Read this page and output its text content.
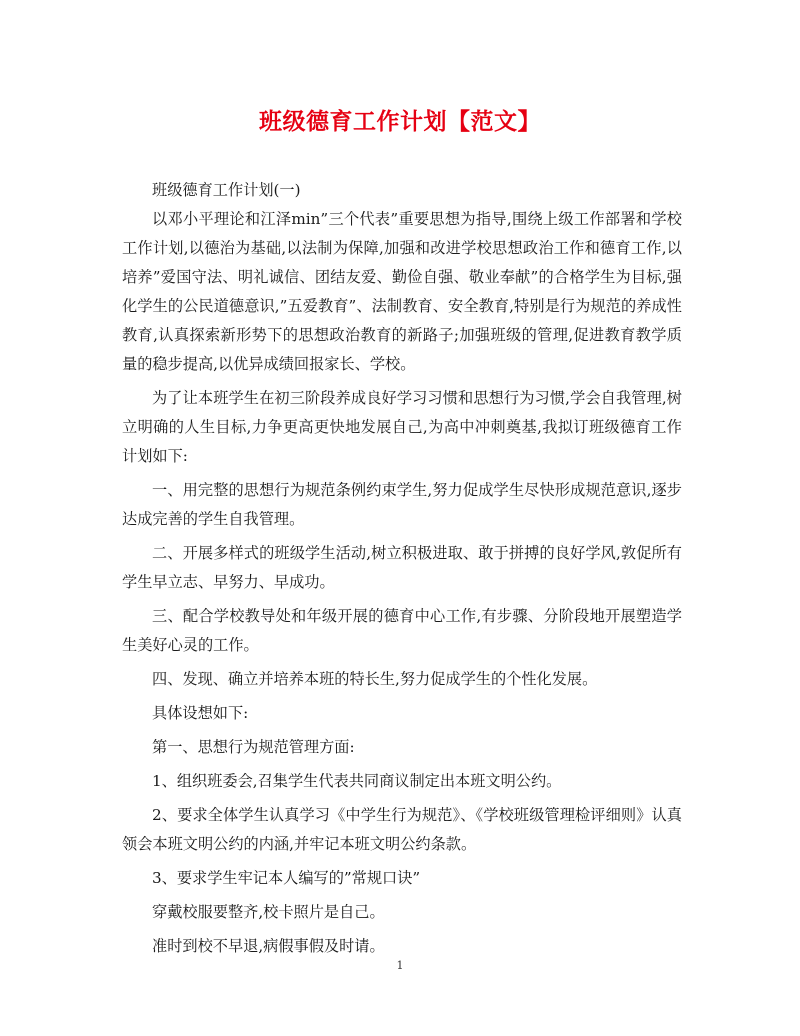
班级德育工作计划【范文】

班级德育工作计划(一)

以邓小平理论和江泽min”三个代表”重要思想为指导,围绕上级工作部署和学校工作计划,以德治为基础,以法制为保障,加强和改进学校思想政治工作和德育工作,以培养”爱国守法、明礼诚信、团结友爱、勤俭自强、敬业奉献”的合格学生为目标,强化学生的公民道德意识,”五爱教育”、法制教育、安全教育,特别是行为规范的养成性教育,认真探索新形势下的思想政治教育的新路子;加强班级的管理,促进教育教学质量的稳步提高,以优异成绩回报家长、学校。

为了让本班学生在初三阶段养成良好学习习惯和思想行为习惯,学会自我管理,树立明确的人生目标,力争更高更快地发展自己,为高中冲刺奠基,我拟订班级德育工作计划如下:

一、用完整的思想行为规范条例约束学生,努力促成学生尽快形成规范意识,逐步达成完善的学生自我管理。

二、开展多样式的班级学生活动,树立积极进取、敢于拼搏的良好学风,敦促所有学生早立志、早努力、早成功。

三、配合学校教导处和年级开展的德育中心工作,有步骤、分阶段地开展塑造学生美好心灵的工作。

四、发现、确立并培养本班的特长生,努力促成学生的个性化发展。

具体设想如下:

第一、思想行为规范管理方面:

1、组织班委会,召集学生代表共同商议制定出本班文明公约。

2、要求全体学生认真学习《中学生行为规范》、《学校班级管理检评细则》认真领会本班文明公约的内涵,并牢记本班文明公约条款。

3、要求学生牢记本人编写的”常规口诀”

穿戴校服要整齐,校卡照片是自己。

准时到校不早退,病假事假及时请。

1
